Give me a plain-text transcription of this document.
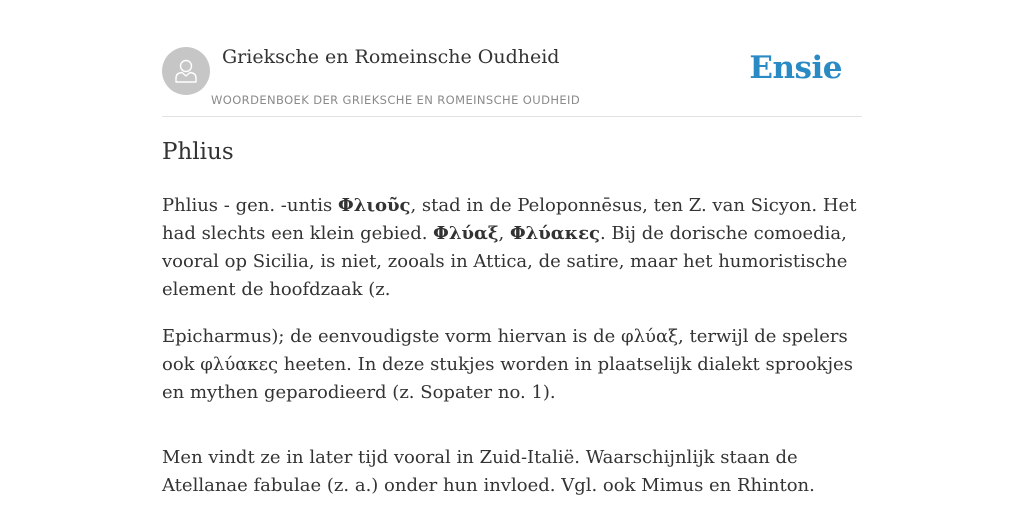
Grieksche en Romeinsche Oudheid
WOORDENBOEK DER GRIEKSCHE EN ROMEINSCHE OUDHEID
Ensie
Phlius

Phlius - gen. -untis Φλιοῦς, stad in de Peloponnēsus, ten Z. van Sicyon. Het had slechts een klein gebied. Φλύαξ, Φλύακες. Bij de dorische comoedia, vooral op Sicilia, is niet, zooals in Attica, de satire, maar het humoristische element de hoofdzaak (z.

Epicharmus); de eenvoudigste vorm hiervan is de φλύαξ, terwijl de spelers ook φλύακες heeten. In deze stukjes worden in plaatselijk dialekt sprookjes en mythen geparodieerd (z. Sopater no. 1).

Men vindt ze in later tijd vooral in Zuid-Italië. Waarschijnlijk staan de Atellanae fabulae (z. a.) onder hun invloed. Vgl. ook Mimus en Rhinton.
